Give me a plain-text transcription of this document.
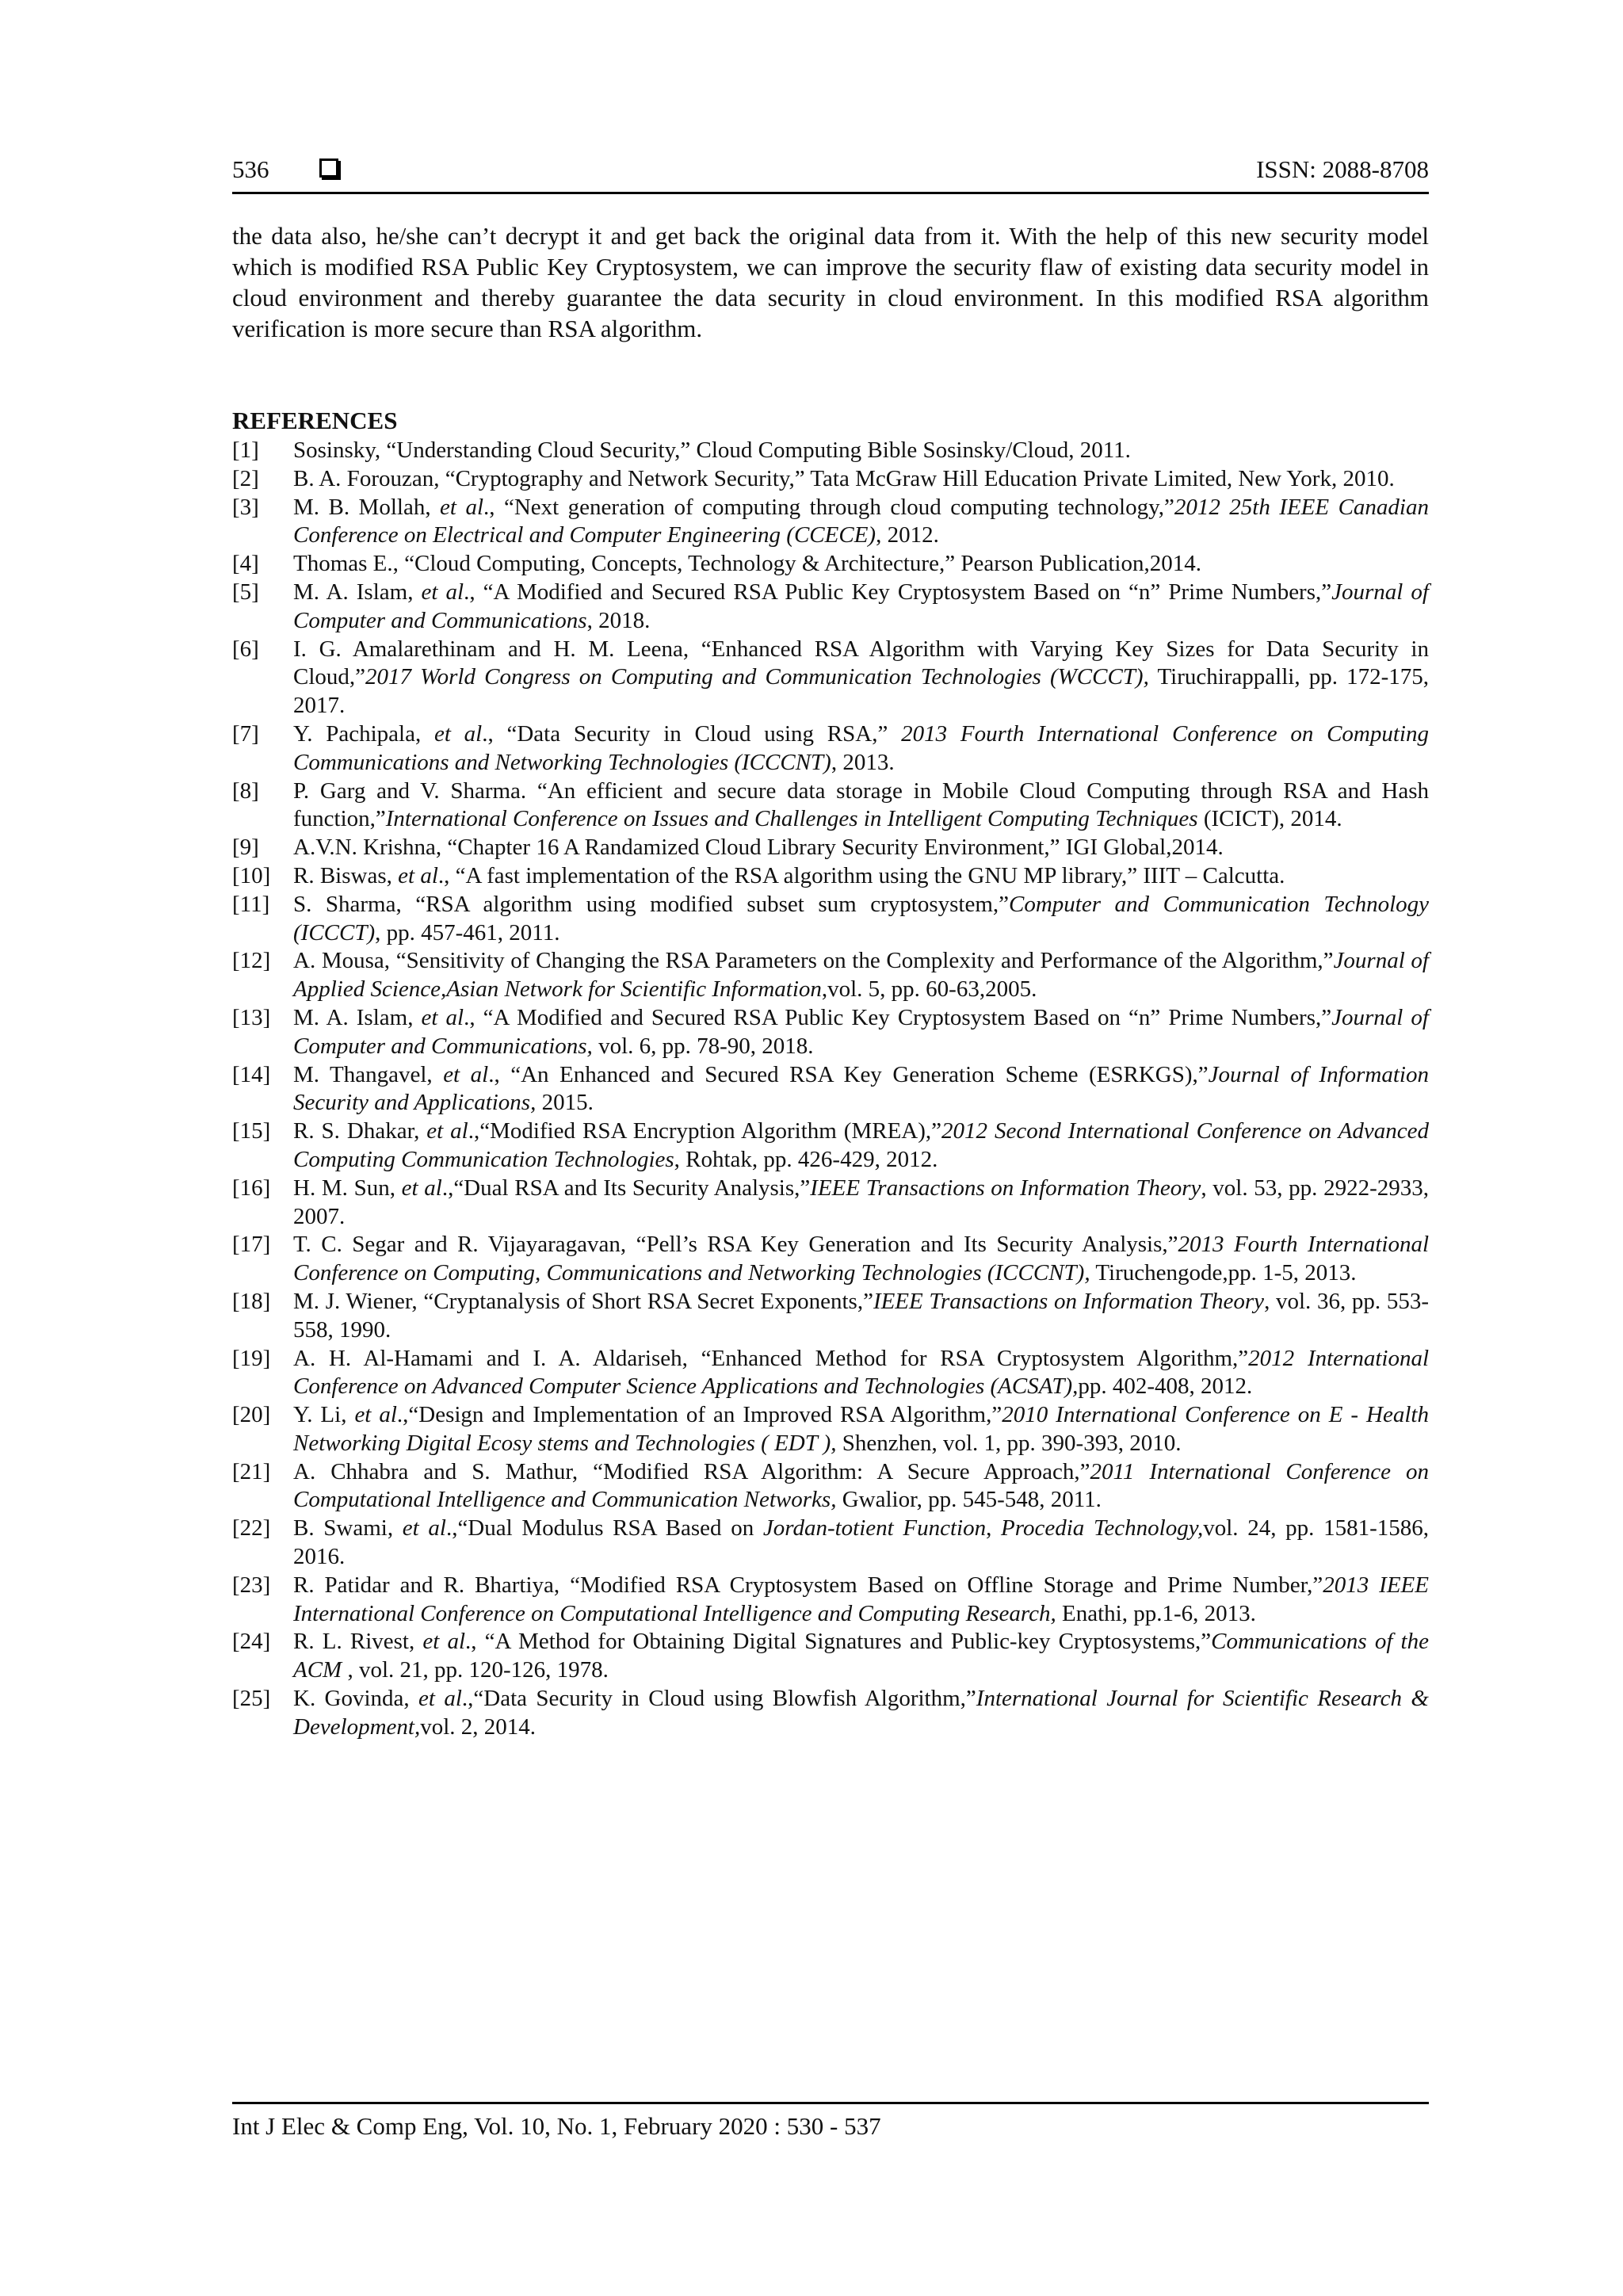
536	ISSN: 2088-8708

the data also, he/she can’t decrypt it and get back the original data from it. With the help of this new security model which is modified RSA Public Key Cryptosystem, we can improve the security flaw of existing data security model in cloud environment and thereby guarantee the data security in cloud environment. In this modified RSA algorithm verification is more secure than RSA algorithm.

REFERENCES
[1] Sosinsky, “Understanding Cloud Security,” Cloud Computing Bible Sosinsky/Cloud, 2011.
[2] B. A. Forouzan, “Cryptography and Network Security,” Tata McGraw Hill Education Private Limited, New York, 2010.
[3] M. B. Mollah, et al., “Next generation of computing through cloud computing technology,”2012 25th IEEE Canadian Conference on Electrical and Computer Engineering (CCECE), 2012.
[4] Thomas E., “Cloud Computing, Concepts, Technology & Architecture,” Pearson Publication,2014.
[5] M. A. Islam, et al., “A Modified and Secured RSA Public Key Cryptosystem Based on “n” Prime Numbers,”Journal of Computer and Communications, 2018.
[6] I. G. Amalarethinam and H. M. Leena, “Enhanced RSA Algorithm with Varying Key Sizes for Data Security in Cloud,”2017 World Congress on Computing and Communication Technologies (WCCCT), Tiruchirappalli, pp. 172-175, 2017.
[7] Y. Pachipala, et al., “Data Security in Cloud using RSA,” 2013 Fourth International Conference on Computing Communications and Networking Technologies (ICCCNT), 2013.
[8] P. Garg and V. Sharma. “An efficient and secure data storage in Mobile Cloud Computing through RSA and Hash function,”International Conference on Issues and Challenges in Intelligent Computing Techniques (ICICT), 2014.
[9] A.V.N. Krishna, “Chapter 16 A Randamized Cloud Library Security Environment,” IGI Global,2014.
[10] R. Biswas, et al., “A fast implementation of the RSA algorithm using the GNU MP library,” IIIT – Calcutta.
[11] S. Sharma, “RSA algorithm using modified subset sum cryptosystem,”Computer and Communication Technology (ICCCT), pp. 457-461, 2011.
[12] A. Mousa, “Sensitivity of Changing the RSA Parameters on the Complexity and Performance of the Algorithm,”Journal of Applied Science,Asian Network for Scientific Information,vol. 5, pp. 60-63,2005.
[13] M. A. Islam, et al., “A Modified and Secured RSA Public Key Cryptosystem Based on “n” Prime Numbers,”Journal of Computer and Communications, vol. 6, pp. 78-90, 2018.
[14] M. Thangavel, et al., “An Enhanced and Secured RSA Key Generation Scheme (ESRKGS),”Journal of Information Security and Applications, 2015.
[15] R. S. Dhakar, et al.,“Modified RSA Encryption Algorithm (MREA),”2012 Second International Conference on Advanced Computing Communication Technologies, Rohtak, pp. 426-429, 2012.
[16] H. M. Sun, et al.,“Dual RSA and Its Security Analysis,”IEEE Transactions on Information Theory, vol. 53, pp. 2922-2933, 2007.
[17] T. C. Segar and R. Vijayaragavan, “Pell’s RSA Key Generation and Its Security Analysis,”2013 Fourth International Conference on Computing, Communications and Networking Technologies (ICCCNT), Tiruchengode,pp. 1-5, 2013.
[18] M. J. Wiener, “Cryptanalysis of Short RSA Secret Exponents,”IEEE Transactions on Information Theory, vol. 36, pp. 553-558, 1990.
[19] A. H. Al-Hamami and I. A. Aldariseh, “Enhanced Method for RSA Cryptosystem Algorithm,”2012 International Conference on Advanced Computer Science Applications and Technologies (ACSAT),pp. 402-408, 2012.
[20] Y. Li, et al.,“Design and Implementation of an Improved RSA Algorithm,”2010 International Conference on E - Health Networking Digital Ecosy stems and Technologies ( EDT ), Shenzhen, vol. 1, pp. 390-393, 2010.
[21] A. Chhabra and S. Mathur, “Modified RSA Algorithm: A Secure Approach,”2011 International Conference on Computational Intelligence and Communication Networks, Gwalior, pp. 545-548, 2011.
[22] B. Swami, et al.,“Dual Modulus RSA Based on Jordan-totient Function, Procedia Technology,vol. 24, pp. 1581-1586, 2016.
[23] R. Patidar and R. Bhartiya, “Modified RSA Cryptosystem Based on Offline Storage and Prime Number,”2013 IEEE International Conference on Computational Intelligence and Computing Research, Enathi, pp.1-6, 2013.
[24] R. L. Rivest, et al., “A Method for Obtaining Digital Signatures and Public-key Cryptosystems,”Communications of the ACM , vol. 21, pp. 120-126, 1978.
[25] K. Govinda, et al.,“Data Security in Cloud using Blowfish Algorithm,”International Journal for Scientific Research & Development,vol. 2, 2014.
Int J Elec & Comp Eng, Vol. 10, No. 1, February 2020 : 530 - 537
